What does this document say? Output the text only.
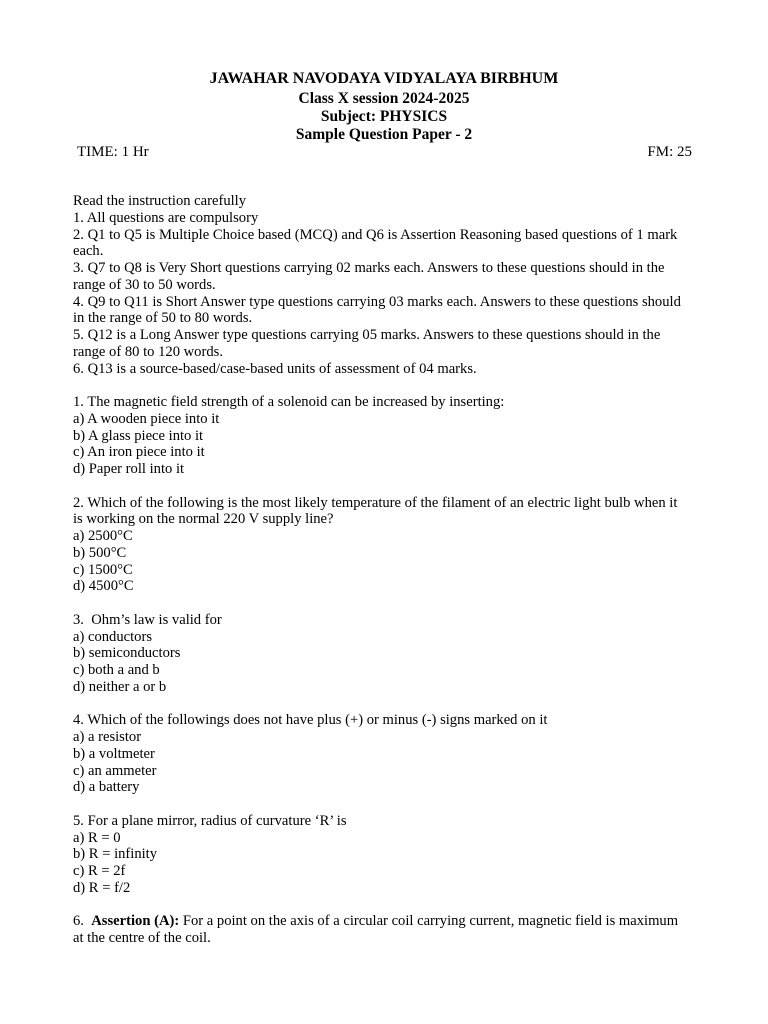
JAWAHAR NAVODAYA VIDYALAYA BIRBHUM
Class X session 2024-2025
Subject: PHYSICS
Sample Question Paper - 2
TIME: 1 Hr	FM: 25

Read the instruction carefully

1. All questions are compulsory

2. Q1 to Q5 is Multiple Choice based (MCQ) and Q6 is Assertion Reasoning based questions of 1 mark each.

3. Q7 to Q8 is Very Short questions carrying 02 marks each. Answers to these questions should in the range of 30 to 50 words.

4. Q9 to Q11 is Short Answer type questions carrying 03 marks each. Answers to these questions should in the range of 50 to 80 words.

5. Q12 is a Long Answer type questions carrying 05 marks. Answers to these questions should in the range of 80 to 120 words.

6. Q13 is a source-based/case-based units of assessment of 04 marks.

1. The magnetic field strength of a solenoid can be increased by inserting:

a) A wooden piece into it

b) A glass piece into it

c) An iron piece into it

d) Paper roll into it

2. Which of the following is the most likely temperature of the filament of an electric light bulb when it is working on the normal 220 V supply line?

a) 2500°C

b) 500°C

c) 1500°C

d) 4500°C

3.  Ohm’s law is valid for

a) conductors

b) semiconductors

c) both a and b

d) neither a or b

4. Which of the followings does not have plus (+) or minus (-) signs marked on it

a) a resistor

b) a voltmeter

c) an ammeter

d) a battery

5. For a plane mirror, radius of curvature ‘R’ is

a) R = 0

b) R = infinity

c) R = 2f

d) R = f/2

6. Assertion (A): For a point on the axis of a circular coil carrying current, magnetic field is maximum at the centre of the coil.
